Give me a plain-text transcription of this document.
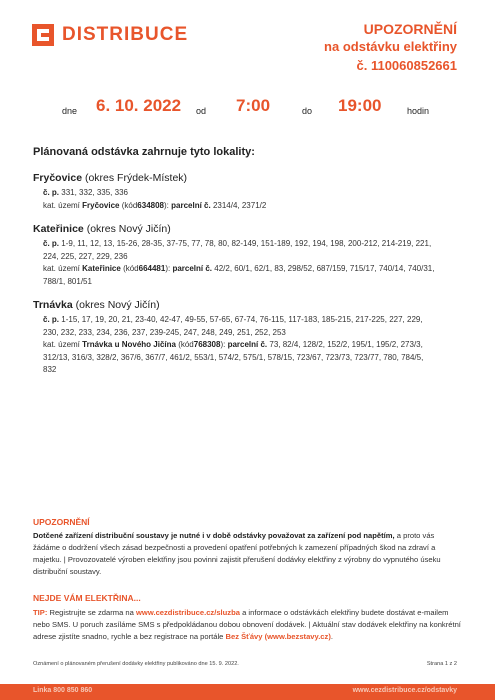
DISTRIBUCE	UPOZORNĚNÍ
na odstávku elektřiny
č. 110060852661
dne 6. 10. 2022 od 7:00	do 19:00	hodin
Plánovaná odstávka zahrnuje tyto lokality:
Fryčovice (okres Frýdek-Místek)
č. p. 331, 332, 335, 336
kat. území Fryčovice (kód634808): parcelní č. 2314/4, 2371/2
Kateřinice (okres Nový Jičín)
č. p. 1-9, 11, 12, 13, 15-26, 28-35, 37-75, 77, 78, 80, 82-149, 151-189, 192, 194, 198, 200-212, 214-219, 221,
224, 225, 227, 229, 236
kat. území Kateřinice (kód664481): parcelní č. 42/2, 60/1, 62/1, 83, 298/52, 687/159, 715/17, 740/14, 740/31,
788/1, 801/51
Trnávka (okres Nový Jičín)
č. p. 1-15, 17, 19, 20, 21, 23-40, 42-47, 49-55, 57-65, 67-74, 76-115, 117-183, 185-215, 217-225, 227, 229,
230, 232, 233, 234, 236, 237, 239-245, 247, 248, 249, 251, 252, 253
kat. území Trnávka u Nového Jičína (kód768308): parcelní č. 73, 82/4, 128/2, 152/2, 195/1, 195/2, 273/3,
312/13, 316/3, 328/2, 367/6, 367/7, 461/2, 553/1, 574/2, 575/1, 578/15, 723/67, 723/73, 723/77, 780, 784/5,
832
UPOZORNĚNÍ
Dotčené zařízení distribuční soustavy je nutné i v době odstávky považovat za zařízení pod napětím, a proto vás žádáme o dodržení všech zásad bezpečnosti a provedení opatření potřebných k zamezení případných škod na zdraví a majetku. | Provozovatelé výroben elektřiny jsou povinni zajistit přerušení dodávky elektřiny z výrobny do vypnutého úseku distribuční soustavy.
NEJDE VÁM ELEKTŘINA...
TIP: Registrujte se zdarma na www.cezdistribuce.cz/sluzba a informace o odstávkách elektřiny budete dostávat e-mailem nebo SMS. U poruch zasíláme SMS s předpokládanou dobou obnovení dodávek. | Aktuální stav dodávek elektřiny na konkrétní adrese zjistíte snadno, rychle a bez registrace na portále Bez Šťávy (www.bezstavy.cz).
Oznámení o plánovaném přerušení dodávky elektřiny publikováno dne 15. 9. 2022.	Strana 1 z 2
Linka 800 850 860	www.cezdistribuce.cz/odstavky
